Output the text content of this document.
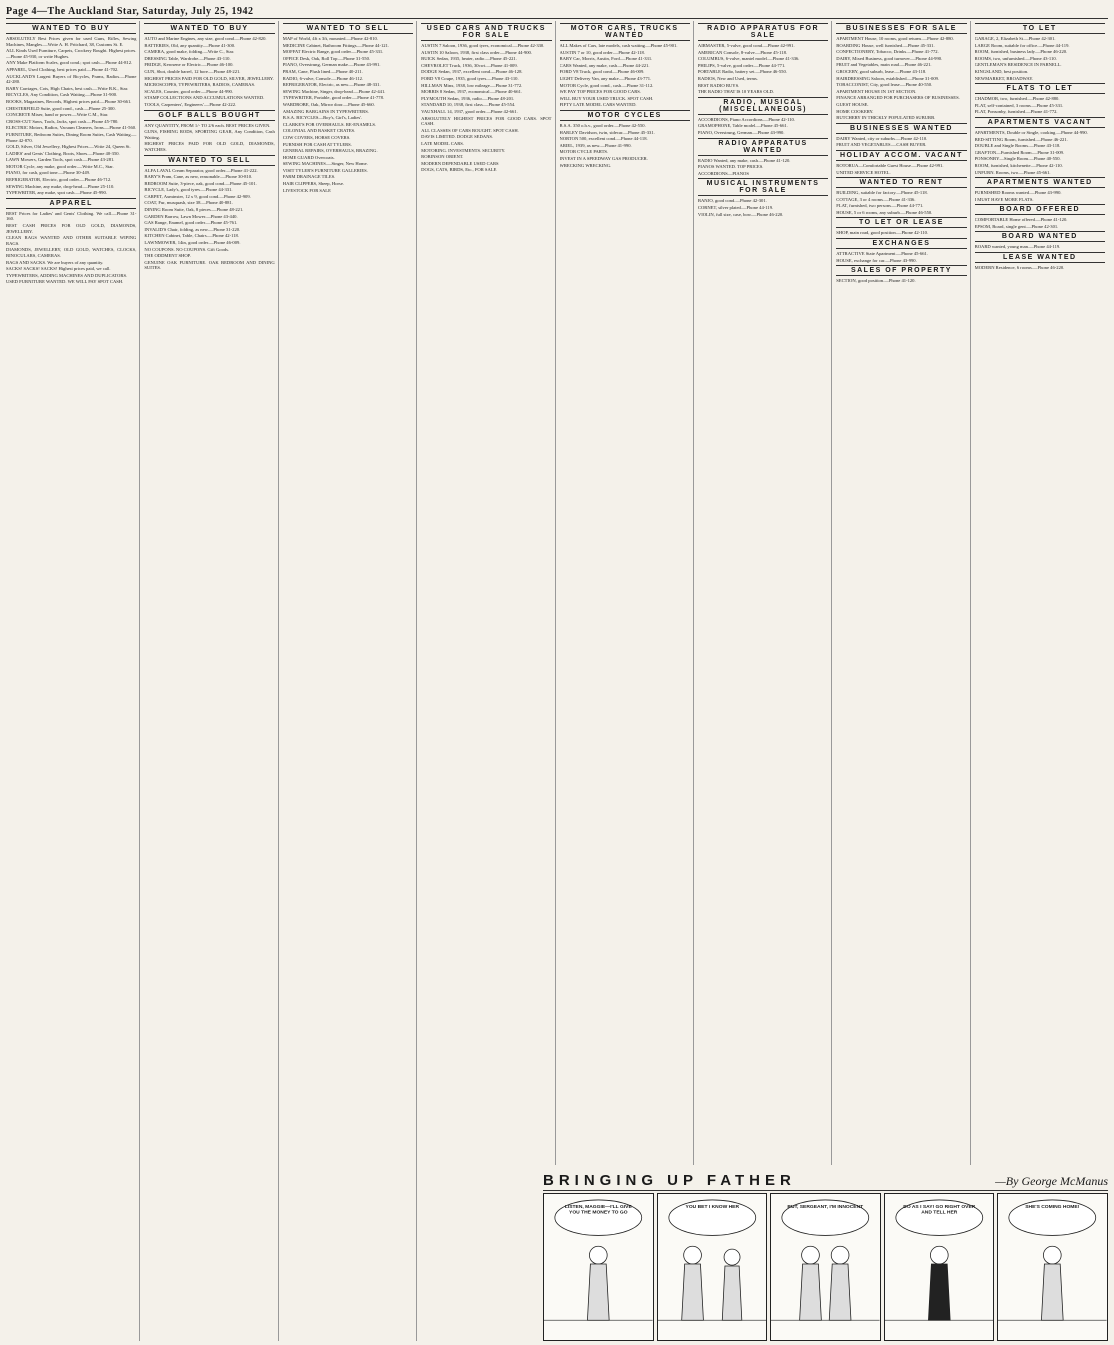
Page 4—The Auckland Star, Saturday, July 25, 1942
WANTED TO BUY

ABSOLUTELY Best Prices given for used Guns, Rifles, Sewing Machines, Mangles.—Write A. H. Pritchard, 38, Customs St. E.

ALL Kinds Used Furniture, Carpets, Crockery Bought. Highest prices.—Phone 45-930, or write Hughes.

ANY Make Platform Scales, good cond.; spot cash.—Phone 44-812.

APPAREL, Used Clothing, best prices paid.—Phone 41-702.

AUCKLAND'S Largest Buyers of Bicycles, Prams, Radios.—Phone 42-280.

BABY Carriages, Cots, High Chairs, best cash.—Write B.K., Star.

BICYCLES, Any Condition, Cash Waiting.—Phone 31-900.

BOOKS, Magazines, Records, Highest prices paid.—Phone 30-661.

CHESTERFIELD Suite, good cond., cash.—Phone 25-300.

CONCRETE Mixer, hand or power.—Write C.M., Star.

CROSS-CUT Saws, Tools, Jacks, spot cash.—Phone 45-780.

ELECTRIC Motors, Radios, Vacuum Cleaners, Irons.—Phone 41-560.

FURNITURE, Bedroom Suites, Dining Room Suites, Cash Waiting.—Phone 42-870.

GOLD, Silver, Old Jewellery, Highest Prices.—Write 24, Queen St.

LADIES' and Gents' Clothing, Boots, Shoes.—Phone 40-350.

LAWN Mowers, Garden Tools, spot cash.—Phone 43-281.

MOTOR Cycle, any make, good order.—Write M.C., Star.

PIANO, for cash, good tone.—Phone 30-449.

REFRIGERATOR, Electric, good order.—Phone 46-712.

SEWING Machine, any make, drop-head.—Phone 25-110.

TYPEWRITER, any make, spot cash.—Phone 45-990.

APPAREL

BEST Prices for Ladies' and Gents' Clothing. We call.—Phone 31-160.

BEST CASH PRICES FOR OLD GOLD, DIAMONDS, JEWELLERY.

CLEAN RAGS WANTED AND OTHER SUITABLE WIPING RAGS.

DIAMONDS, JEWELLERY, OLD GOLD, WATCHES, CLOCKS, BINOCULARS, CAMERAS.

BAGS AND SACKS. We are buyers of any quantity.

SACKS! SACKS! SACKS! Highest prices paid, we call.

TYPEWRITERS, ADDING MACHINES AND DUPLICATORS.

USED FURNITURE WANTED. WE WILL PAY SPOT CASH.

WANTED TO BUY

AUTO and Marine Engines, any size, good cond.—Phone 42-820.

BATTERIES, Old, any quantity.—Phone 41-300.

CAMERA, good make, folding.—Write C., Star.

DRESSING Table, Wardrobe.—Phone 43-110.

FRIDGE, Kerosene or Electric.—Phone 46-100.

GUN, Shot, double barrel, 12 bore.—Phone 48-221.

HIGHEST PRICES PAID FOR OLD GOLD, SILVER, JEWELLERY.

MICROSCOPES, TYPEWRITERS, RADIOS, CAMERAS.

SCALES, Counter, good order.—Phone 44-990.

STAMP COLLECTIONS AND ACCUMULATIONS WANTED.

TOOLS, Carpenters', Engineers'.—Phone 42-222.

GOLF BALLS BOUGHT

ANY QUANTITY, FROM 1/- TO 2/6 each. BEST PRICES GIVEN.

GUNS, FISHING RODS, SPORTING GEAR, Any Condition, Cash Waiting.

HIGHEST PRICES PAID FOR OLD GOLD, DIAMONDS, WATCHES.

WANTED TO SELL

ALFA LAVAL Cream Separator, good order.—Phone 41-222.

BABY'S Pram, Cane, as new, reasonable.—Phone 30-810.

BEDROOM Suite, 3-piece, oak, good cond.—Phone 45-101.

BICYCLE, Lady's, good tyres.—Phone 44-331.

CARPET, Axminster, 12 x 9, good cond.—Phone 42-909.

COAT, Fur, musquash, size 38.—Phone 40-881.

DINING Room Suite, Oak, 8 pieces.—Phone 48-221.

GARDEN Barrow, Lawn Mower.—Phone 43-440.

GAS Range, Enamel, good order.—Phone 45-761.

INVALID'S Chair, folding, as new.—Phone 31-220.

KITCHEN Cabinet, Table, Chairs.—Phone 42-118.

LAWNMOWER, 14in, good order.—Phone 46-009.

NO COUPONS. NO COUPONS. Gift Goods.

THE ODDMENT SHOP.

GENUINE OAK FURNITURE. OAK BEDROOM AND DINING SUITES.

WANTED TO SELL

MAP of World, 4ft x 3ft, mounted.—Phone 42-810.

MEDICINE Cabinet, Bathroom Fittings.—Phone 44-121.

MOFFAT Electric Range, good order.—Phone 45-331.

OFFICE Desk, Oak, Roll Top.—Phone 31-550.

PIANO, Overstrung, German make.—Phone 43-991.

PRAM, Cane, Plush lined.—Phone 40-211.

RADIO, 6-valve, Console.—Phone 46-112.

REFRIGERATOR, Electric, as new.—Phone 48-331.

SEWING Machine, Singer, drop-head.—Phone 42-441.

TYPEWRITER, Portable, good order.—Phone 41-778.

WARDROBE, Oak, Mirror door.—Phone 45-660.

AMAZING BARGAINS IN TYPEWRITERS.

B.S.A. BICYCLES—Boy's, Girl's, Ladies'.

CLARKE'S FOR OVERHAULS. RE-ENAMELS.

COLONIAL AND BASKET CRATES.

COW COVERS, HORSE COVERS.

FURNISH FOR CASH AT TYLERS.

GENERAL REPAIRS, OVERHAULS, BRAZING.

HOME GUARD Overcoats.

SEWING MACHINES.—Singer, New Home.

VISIT TYLER'S FURNITURE GALLERIES.

FARM DRAINAGE TILES.

HAIR CLIPPERS, Sheep, Horse.

LIVESTOCK FOR SALE

USED CARS AND TRUCKS FOR SALE

AUSTIN 7 Saloon, 1936, good tyres, economical.—Phone 42-330.

AUSTIN 10 Saloon, 1938, first class order.—Phone 44-900.

BUICK Sedan, 1935, heater, radio.—Phone 45-221.

CHEVROLET Truck, 1936, 30cwt.—Phone 41-009.

DODGE Sedan, 1937, excellent cond.—Phone 46-128.

FORD V8 Coupe, 1935, good tyres.—Phone 43-110.

HILLMAN Minx, 1938, low mileage.—Phone 31-772.

MORRIS 8 Sedan, 1937, economical.—Phone 40-661.

PLYMOUTH Sedan, 1936, radio.—Phone 48-201.

STANDARD 10, 1938, first class.—Phone 45-554.

VAUXHALL 14, 1937, good order.—Phone 42-661.

ABSOLUTELY HIGHEST PRICES FOR GOOD CARS. SPOT CASH.

ALL CLASSES OF CARS BOUGHT. SPOT CASH.

DAVIS LIMITED. DODGE SEDANS.

LATE MODEL CARS.

MOTORING. INVESTMENTS. SECURITY.

ROBINSON ORIENT.

MODERN DEPENDABLE USED CARS

DOGS, CATS, BIRDS, Etc., FOR SALE

MOTOR CARS, TRUCKS WANTED

ALL Makes of Cars, late models, cash waiting.—Phone 45-901.

AUSTIN 7 or 10, good order.—Phone 42-118.

BABY Car, Morris, Austin, Ford.—Phone 41-331.

CARS Wanted, any make, cash.—Phone 44-221.

FORD V8 Truck, good cond.—Phone 46-009.

LIGHT Delivery Van, any make.—Phone 43-771.

MOTOR Cycle, good cond., cash.—Phone 31-112.

WE PAY TOP PRICES FOR GOOD CARS.

WILL BUY YOUR USED TRUCK. SPOT CASH.

FIFTY LATE MODEL CARS WANTED.

MOTOR CYCLES

B.S.A. 350 o.h.v., good order.—Phone 42-550.

HARLEY Davidson, twin, sidecar.—Phone 45-331.

NORTON 500, excellent cond.—Phone 44-118.

ARIEL, 1939, as new.—Phone 41-990.

MOTOR CYCLE PARTS.

INVEST IN A SPEEDWAY GAS PRODUCER.

WRECKING WRECKING.

RADIO APPARATUS FOR SALE

AIRMASTER, 5-valve, good cond.—Phone 42-991.

AMERICAN Console, 8-valve.—Phone 45-118.

COLUMBUS, 6-valve, mantel model.—Phone 41-336.

PHILIPS, 5-valve, good order.—Phone 44-771.

PORTABLE Radio, battery set.—Phone 46-550.

RADIOS, New and Used, terms.

BEST RADIO BUYS.

THE RADIO THAT IS 10 YEARS OLD.

RADIO, MUSICAL (MISCELLANEOUS)

ACCORDIONS, Piano Accordions.—Phone 42-110.

GRAMOPHONE, Table model.—Phone 45-661.

PIANO, Overstrung, German.—Phone 43-990.

RADIO APPARATUS WANTED

RADIO Wanted, any make, cash.—Phone 41-120.

PIANOS WANTED. TOP PRICES.

ACCORDIONS—PIANOS

MUSICAL INSTRUMENTS FOR SALE

BANJO, good cond.—Phone 42-301.

CORNET, silver plated.—Phone 44-119.

VIOLIN, full size, case, bow.—Phone 46-220.

BUSINESSES FOR SALE

APARTMENT House, 10 rooms, good returns.—Phone 42-880.

BOARDING House, well furnished.—Phone 45-331.

CONFECTIONERY, Tobacco, Drinks.—Phone 41-772.

DAIRY, Mixed Business, good turnover.—Phone 44-990.

FRUIT and Vegetables, main road.—Phone 46-221.

GROCERY, good suburb, lease.—Phone 43-118.

HAIRDRESSING Saloon, established.—Phone 31-009.

TOBACCONIST, City, good lease.—Phone 40-550.

APARTMENT HOUSE IN 1ST SECTION.

FINANCE ARRANGED FOR PURCHASERS OF BUSINESSES.

GUEST HOUSE.

HOME COOKERY.

BUTCHERY IN THICKLY POPULATED SUBURB.

BUSINESSES WANTED

DAIRY Wanted, city or suburbs.—Phone 42-110.

FRUIT AND VEGETABLES.—CASH BUYER.

HOLIDAY ACCOM. VACANT

ROTORUA—Comfortable Guest House.—Phone 42-991.

UNITED SERVICE HOTEL.

WANTED TO RENT

BUILDING, suitable for factory.—Phone 45-118.

COTTAGE, 3 or 4 rooms.—Phone 41-336.

FLAT, furnished, two persons.—Phone 44-771.

HOUSE, 5 or 6 rooms, any suburb.—Phone 46-550.

TO LET OR LEASE

SHOP, main road, good position.—Phone 42-110.

EXCHANGES

ATTRACTIVE State Apartment.—Phone 45-661.

HOUSE, exchange for car.—Phone 43-990.

SALES OF PROPERTY

SECTION, good position.—Phone 41-120.

TO LET

GARAGE, 2, Elizabeth St.—Phone 42-301.

LARGE Room, suitable for office.—Phone 44-119.

ROOM, furnished, business lady.—Phone 46-220.

ROOMS, two, unfurnished.—Phone 43-110.

GENTLEMAN'S RESIDENCE IN PARNELL.

KINGSLAND, best position.

NEWMARKET, BROADWAY.

FLATS TO LET

CHADMOR, two, furnished.—Phone 42-880.

FLAT, self-contained, 3 rooms.—Phone 45-331.

FLAT, Ponsonby, furnished.—Phone 41-772.

APARTMENTS VACANT

APARTMENTS, Double or Single, cooking.—Phone 44-990.

BED-SITTING Room, furnished.—Phone 46-221.

DOUBLE and Single Rooms.—Phone 43-118.

GRAFTON—Furnished Room.—Phone 31-009.

PONSONBY—Single Room.—Phone 40-550.

ROOM, furnished, kitchenette.—Phone 42-110.

UNFURN. Rooms, two.—Phone 45-661.

APARTMENTS WANTED

FURNISHED Rooms wanted.—Phone 43-990.

I MUST HAVE MORE FLATS.

BOARD OFFERED

COMFORTABLE Home offered.—Phone 41-120.

EPSOM, Board, single gent.—Phone 42-301.

BOARD WANTED

BOARD wanted, young man.—Phone 44-119.

LEASE WANTED

MODERN Residence, 6 rooms.—Phone 46-220.

BRINGING UP FATHER	—By George McManus
LISTEN, MAGGIE—I'LL GIVE YOU THE MONEY TO GO
YOU BET I KNOW HER	BUT, SERGEANT, I'M INNOCENT	DO AS I SAY! GO RIGHT OVER AND TELL HER
SHE'S COMING HOME!
